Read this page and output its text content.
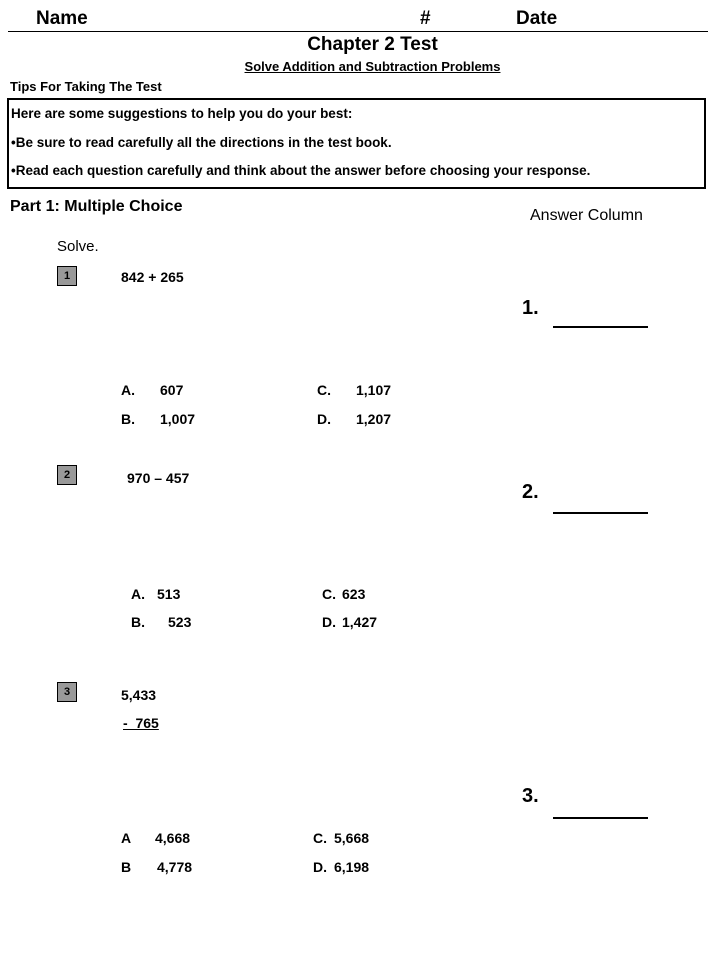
Name	#	Date
Chapter 2 Test
Solve Addition and Subtraction Problems
Tips For Taking The Test
Here are some suggestions to help you do your best:
•Be sure to read carefully all the directions in the test book.
•Read each question carefully and think about the answer before choosing your response.
Part 1: Multiple Choice
Answer Column
Solve.
1	842 + 265
A. 607
B. 1,007
C. 1,107
D. 1,207
2	970 – 457
A. 513
B. 523
C. 623
D. 1,427
3	5,433
-  765
A 4,668
B 4,778
C. 5,668
D. 6,198
1.
2.
3.
